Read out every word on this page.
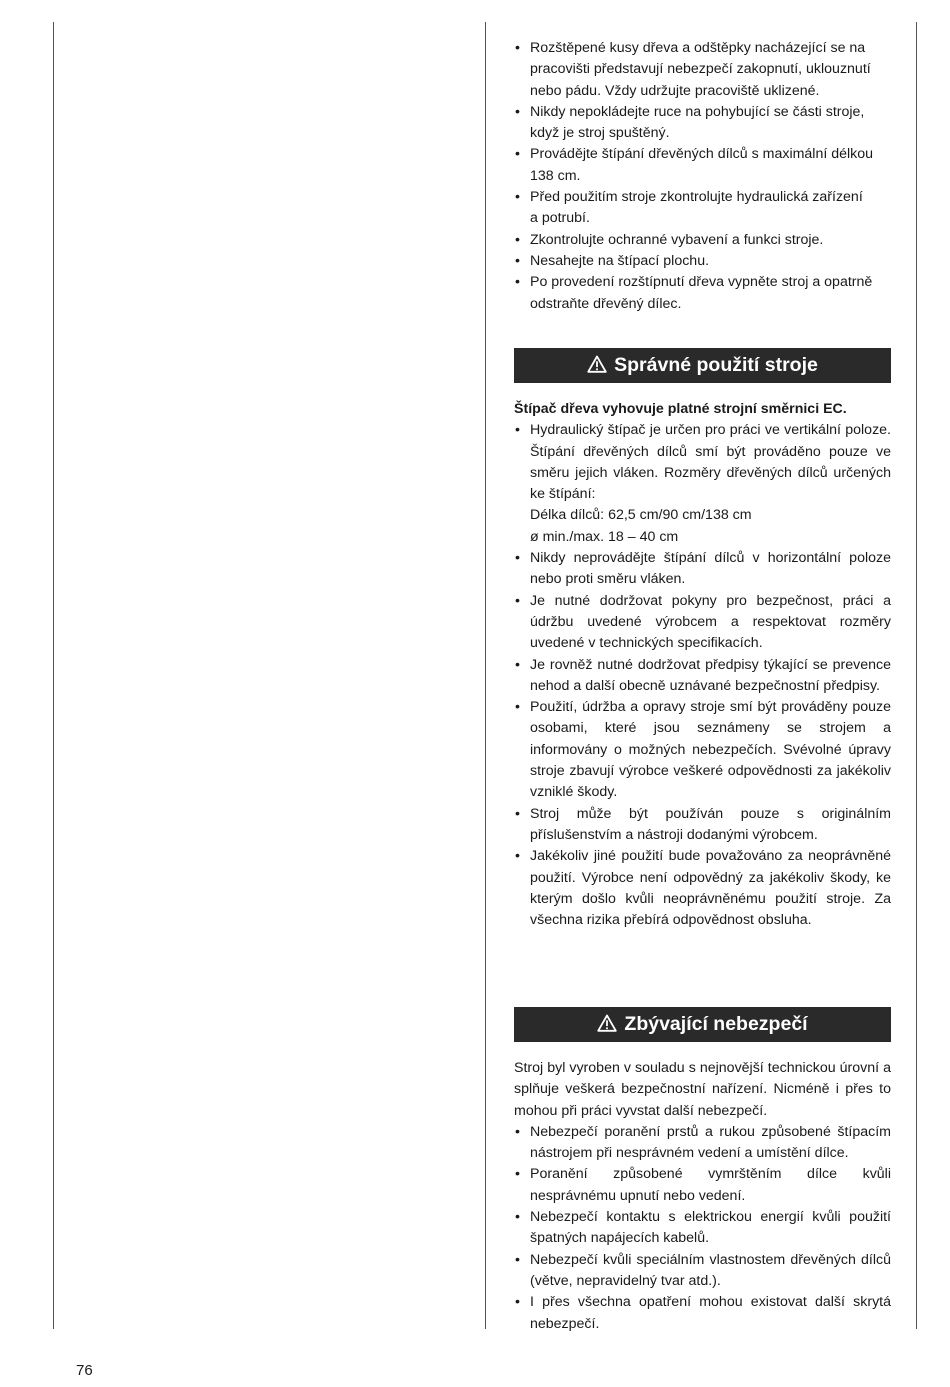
• Rozštěpené kusy dřeva a odštěpky nacházející se na
pracovišti představují nebezpečí zakopnutí, uklouznutí
nebo pádu. Vždy udržujte pracoviště uklizené.
• Nikdy nepokládejte ruce na pohybující se části stroje,
když je stroj spuštěný.
• Provádějte štípání dřevěných dílců s maximální délkou
138 cm.
• Před použitím stroje zkontrolujte hydraulická zařízení
a potrubí.
• Zkontrolujte ochranné vybavení a funkci stroje.
• Nesahejte na štípací plochu.
• Po provedení rozštípnutí dřeva vypněte stroj a opatrně
odstraňte dřevěný dílec.
Správné použití stroje

Štípač dřeva vyhovuje platné strojní směrnici EC.

• Hydraulický štípač je určen pro práci ve vertikální poloze. Štípání dřevěných dílců smí být prováděno pouze ve směru jejich vláken. Rozměry dřevěných dílců určených ke štípání:
Délka dílců: 62,5 cm/90 cm/138 cm
ø min./max. 18 – 40 cm
• Nikdy neprovádějte štípání dílců v horizontální poloze nebo proti směru vláken.
• Je nutné dodržovat pokyny pro bezpečnost, práci a údržbu uvedené výrobcem a respektovat rozměry uvedené v technických specifikacích.
• Je rovněž nutné dodržovat předpisy týkající se prevence nehod a další obecně uznávané bezpečnostní předpisy.
• Použití, údržba a opravy stroje smí být prováděny pouze osobami, které jsou seznámeny se strojem a informovány o možných nebezpečích. Svévolné úpravy stroje zbavují výrobce veškeré odpovědnosti za jakékoliv vzniklé škody.
• Stroj může být používán pouze s originálním příslušenstvím a nástroji dodanými výrobcem.
• Jakékoliv jiné použití bude považováno za neoprávněné použití. Výrobce není odpovědný za jakékoliv škody, ke kterým došlo kvůli neoprávněnému použití stroje. Za všechna rizika přebírá odpovědnost obsluha.
Zbývající nebezpečí

Stroj byl vyroben v souladu s nejnovější technickou úrovní a splňuje veškerá bezpečnostní nařízení. Nicméně i přes to mohou při práci vyvstat další nebezpečí.

• Nebezpečí poranění prstů a rukou způsobené štípacím nástrojem při nesprávném vedení a umístění dílce.
• Poranění způsobené vymrštěním dílce kvůli nesprávnému upnutí nebo vedení.
• Nebezpečí kontaktu s elektrickou energií kvůli použití špatných napájecích kabelů.
• Nebezpečí kvůli speciálním vlastnostem dřevěných dílců (větve, nepravidelný tvar atd.).
• I přes všechna opatření mohou existovat další skrytá nebezpečí.
76
